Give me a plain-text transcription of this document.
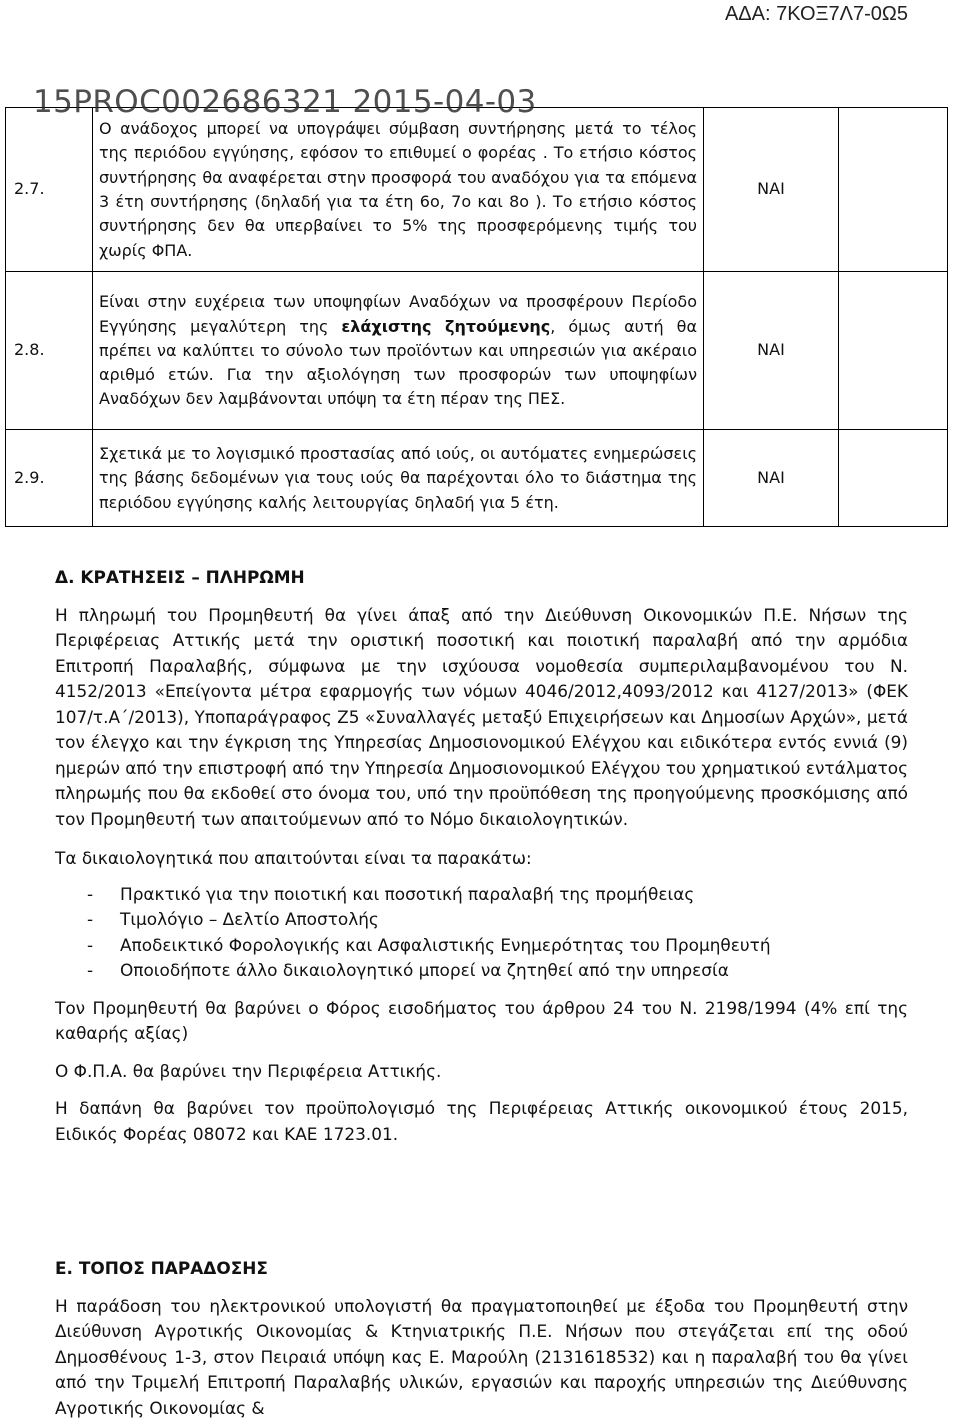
ΑΔΑ: 7ΚΟΞ7Λ7-0Ω5
2.7.	Ο ανάδοχος μπορεί να υπογράψει σύμβαση συντήρησης μετά το τέλος της περιόδου εγγύησης, εφόσον το επιθυμεί ο φορέας . Το ετήσιο κόστος συντήρησης θα αναφέρεται στην προσφορά του αναδόχου για τα επόμενα 3 έτη συντήρησης (δηλαδή για τα έτη 6ο, 7ο και 8ο ). Το ετήσιο κόστος συντήρησης δεν θα υπερβαίνει το 5% της προσφερόμενης τιμής του χωρίς ΦΠΑ.	ΝΑΙ	
2.8.	Είναι στην ευχέρεια των υποψηφίων Αναδόχων να προσφέρουν Περίοδο Εγγύησης μεγαλύτερη της ελάχιστης ζητούμενης, όμως αυτή θα πρέπει να καλύπτει το σύνολο των προϊόντων και υπηρεσιών για ακέραιο αριθμό ετών. Για την αξιολόγηση των προσφορών των υποψηφίων Αναδόχων δεν λαμβάνονται υπόψη τα έτη πέραν της ΠΕΣ.	ΝΑΙ	
2.9.	Σχετικά με το λογισμικό προστασίας από ιούς, οι αυτόματες ενημερώσεις της βάσης δεδομένων για τους ιούς θα παρέχονται όλο το διάστημα της περιόδου εγγύησης καλής λειτουργίας δηλαδή για 5 έτη.	ΝΑΙ	
15PROC002686321 2015-04-03

Δ. ΚΡΑΤΗΣΕΙΣ – ΠΛΗΡΩΜΗ

Η πληρωμή του Προμηθευτή θα γίνει άπαξ από την Διεύθυνση Οικονομικών Π.Ε. Νήσων της Περιφέρειας Αττικής μετά την οριστική ποσοτική και ποιοτική παραλαβή από την αρμόδια Επιτροπή Παραλαβής, σύμφωνα με την ισχύουσα νομοθεσία συμπεριλαμβανομένου του Ν. 4152/2013 «Επείγοντα μέτρα εφαρμογής των νόμων 4046/2012,4093/2012 και 4127/2013» (ΦΕΚ 107/τ.Α΄/2013), Υποπαράγραφος Ζ5 «Συναλλαγές μεταξύ Επιχειρήσεων και Δημοσίων Αρχών», μετά τον έλεγχο και την έγκριση της Υπηρεσίας Δημοσιονομικού Ελέγχου και ειδικότερα εντός εννιά (9) ημερών από την επιστροφή από την Υπηρεσία Δημοσιονομικού Ελέγχου του χρηματικού εντάλματος πληρωμής που θα εκδοθεί στο όνομα του, υπό την προϋπόθεση της προηγούμενης προσκόμισης από τον Προμηθευτή των απαιτούμενων από το Νόμο δικαιολογητικών.

Τα δικαιολογητικά που απαιτούνται είναι τα παρακάτω:

- Πρακτικό για την ποιοτική και ποσοτική παραλαβή της προμήθειας
- Τιμολόγιο – Δελτίο Αποστολής
- Αποδεικτικό Φορολογικής και Ασφαλιστικής Ενημερότητας του Προμηθευτή
- Οποιοδήποτε άλλο δικαιολογητικό μπορεί να ζητηθεί από την υπηρεσία

Τον Προμηθευτή θα βαρύνει ο Φόρος εισοδήματος του άρθρου 24 του Ν. 2198/1994 (4% επί της καθαρής αξίας)

Ο Φ.Π.Α. θα βαρύνει την Περιφέρεια Αττικής.

Η δαπάνη θα βαρύνει τον προϋπολογισμό της Περιφέρειας Αττικής οικονομικού έτους 2015, Ειδικός Φορέας 08072 και ΚΑΕ 1723.01.

Ε. ΤΟΠΟΣ ΠΑΡΑΔΟΣΗΣ

Η παράδοση του ηλεκτρονικού υπολογιστή θα πραγματοποιηθεί με έξοδα του Προμηθευτή στην Διεύθυνση Αγροτικής Οικονομίας & Κτηνιατρικής Π.Ε. Νήσων που στεγάζεται επί της οδού Δημοσθένους 1-3, στον Πειραιά υπόψη κας Ε. Μαρούλη (2131618532) και η παραλαβή του θα γίνει από την Τριμελή Επιτροπή Παραλαβής υλικών, εργασιών και παροχής υπηρεσιών της Διεύθυνσης Αγροτικής Οικονομίας &
